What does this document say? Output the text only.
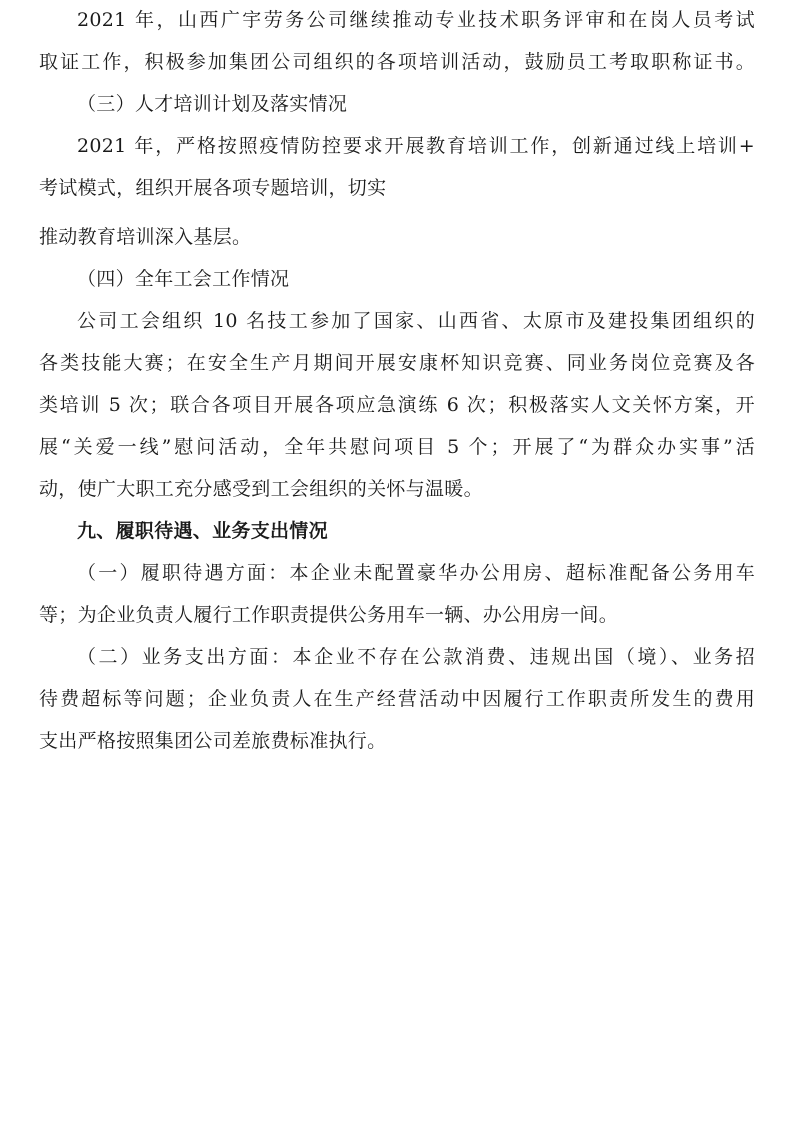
2021 年，山西广宇劳务公司继续推动专业技术职务评审和在岗人员考试
取证工作，积极参加集团公司组织的各项培训活动，鼓励员工考取职称证书。
（三）人才培训计划及落实情况
2021 年，严格按照疫情防控要求开展教育培训工作，创新通过线上培训+
考试模式，组织开展各项专题培训，切实
推动教育培训深入基层。
（四）全年工会工作情况
公司工会组织 10 名技工参加了国家、山西省、太原市及建投集团组织的
各类技能大赛；在安全生产月期间开展安康杯知识竞赛、同业务岗位竞赛及各
类培训 5 次；联合各项目开展各项应急演练 6 次；积极落实人文关怀方案，开
展“关爱一线”慰问活动，全年共慰问项目 5 个；开展了“为群众办实事”活
动，使广大职工充分感受到工会组织的关怀与温暖。
九、履职待遇、业务支出情况
（一）履职待遇方面：本企业未配置豪华办公用房、超标准配备公务用车
等；为企业负责人履行工作职责提供公务用车一辆、办公用房一间。
（二）业务支出方面：本企业不存在公款消费、违规出国（境）、业务招
待费超标等问题；企业负责人在生产经营活动中因履行工作职责所发生的费用
支出严格按照集团公司差旅费标准执行。
